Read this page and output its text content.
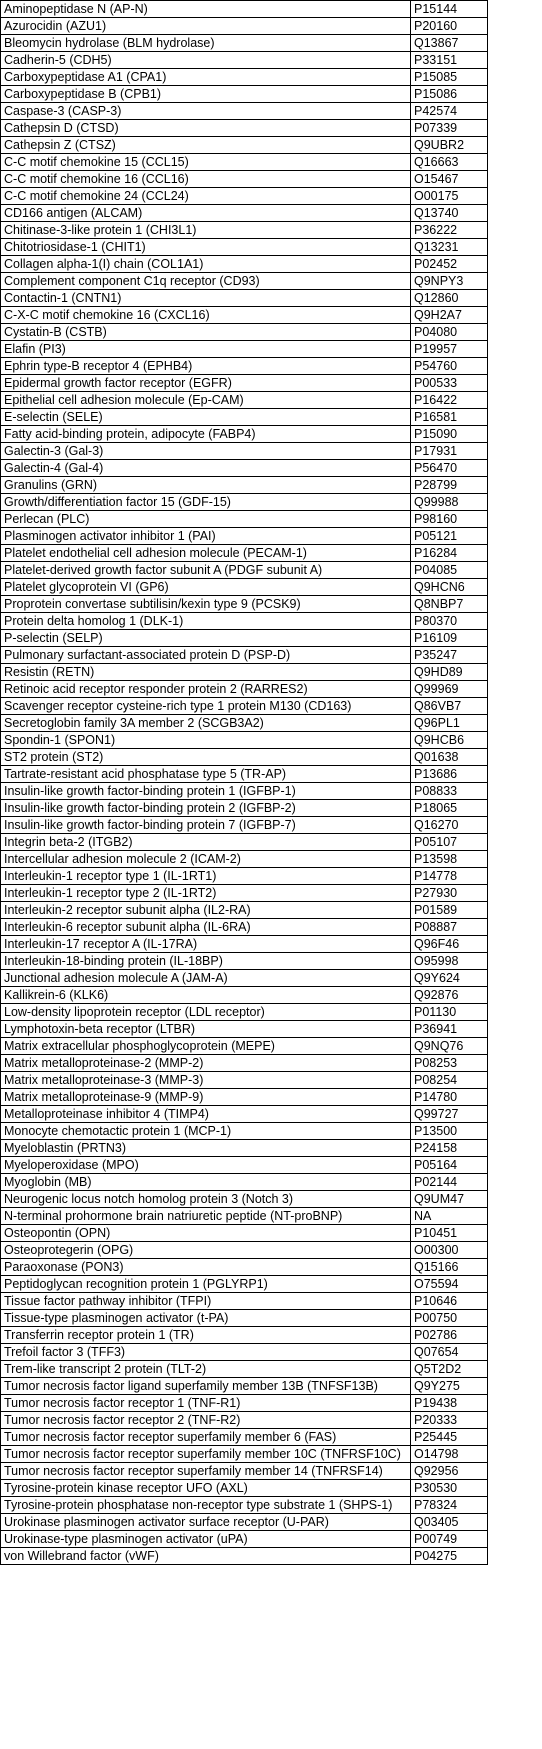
Aminopeptidase N (AP-N)	P15144
Azurocidin (AZU1)	P20160
Bleomycin hydrolase (BLM hydrolase)	Q13867
Cadherin-5 (CDH5)	P33151
Carboxypeptidase A1 (CPA1)	P15085
Carboxypeptidase B (CPB1)	P15086
Caspase-3 (CASP-3)	P42574
Cathepsin D (CTSD)	P07339
Cathepsin Z (CTSZ)	Q9UBR2
C-C motif chemokine 15 (CCL15)	Q16663
C-C motif chemokine 16 (CCL16)	O15467
C-C motif chemokine 24 (CCL24)	O00175
CD166 antigen (ALCAM)	Q13740
Chitinase-3-like protein 1 (CHI3L1)	P36222
Chitotriosidase-1 (CHIT1)	Q13231
Collagen alpha-1(I) chain (COL1A1)	P02452
Complement component C1q receptor (CD93)	Q9NPY3
Contactin-1 (CNTN1)	Q12860
C-X-C motif chemokine 16 (CXCL16)	Q9H2A7
Cystatin-B (CSTB)	P04080
Elafin (PI3)	P19957
Ephrin type-B receptor 4 (EPHB4)	P54760
Epidermal growth factor receptor (EGFR)	P00533
Epithelial cell adhesion molecule (Ep-CAM)	P16422
E-selectin (SELE)	P16581
Fatty acid-binding protein, adipocyte (FABP4)	P15090
Galectin-3 (Gal-3)	P17931
Galectin-4 (Gal-4)	P56470
Granulins (GRN)	P28799
Growth/differentiation factor 15 (GDF-15)	Q99988
Perlecan (PLC)	P98160
Plasminogen activator inhibitor 1 (PAI)	P05121
Platelet endothelial cell adhesion molecule (PECAM-1)	P16284
Platelet-derived growth factor subunit A (PDGF subunit A)	P04085
Platelet glycoprotein VI (GP6)	Q9HCN6
Proprotein convertase subtilisin/kexin type 9 (PCSK9)	Q8NBP7
Protein delta homolog 1 (DLK-1)	P80370
P-selectin (SELP)	P16109
Pulmonary surfactant-associated protein D (PSP-D)	P35247
Resistin (RETN)	Q9HD89
Retinoic acid receptor responder protein 2 (RARRES2)	Q99969
Scavenger receptor cysteine-rich type 1 protein M130 (CD163)	Q86VB7
Secretoglobin family 3A member 2 (SCGB3A2)	Q96PL1
Spondin-1 (SPON1)	Q9HCB6
ST2 protein (ST2)	Q01638
Tartrate-resistant acid phosphatase type 5 (TR-AP)	P13686
Insulin-like growth factor-binding protein 1 (IGFBP-1)	P08833
Insulin-like growth factor-binding protein 2 (IGFBP-2)	P18065
Insulin-like growth factor-binding protein 7 (IGFBP-7)	Q16270
Integrin beta-2 (ITGB2)	P05107
Intercellular adhesion molecule 2 (ICAM-2)	P13598
Interleukin-1 receptor type 1 (IL-1RT1)	P14778
Interleukin-1 receptor type 2 (IL-1RT2)	P27930
Interleukin-2 receptor subunit alpha (IL2-RA)	P01589
Interleukin-6 receptor subunit alpha (IL-6RA)	P08887
Interleukin-17 receptor A (IL-17RA)	Q96F46
Interleukin-18-binding protein (IL-18BP)	O95998
Junctional adhesion molecule A (JAM-A)	Q9Y624
Kallikrein-6 (KLK6)	Q92876
Low-density lipoprotein receptor (LDL receptor)	P01130
Lymphotoxin-beta receptor (LTBR)	P36941
Matrix extracellular phosphoglycoprotein (MEPE)	Q9NQ76
Matrix metalloproteinase-2 (MMP-2)	P08253
Matrix metalloproteinase-3 (MMP-3)	P08254
Matrix metalloproteinase-9 (MMP-9)	P14780
Metalloproteinase inhibitor 4 (TIMP4)	Q99727
Monocyte chemotactic protein 1 (MCP-1)	P13500
Myeloblastin (PRTN3)	P24158
Myeloperoxidase (MPO)	P05164
Myoglobin (MB)	P02144
Neurogenic locus notch homolog protein 3 (Notch 3)	Q9UM47
N-terminal prohormone brain natriuretic peptide (NT-proBNP)	NA
Osteopontin (OPN)	P10451
Osteoprotegerin (OPG)	O00300
Paraoxonase (PON3)	Q15166
Peptidoglycan recognition protein 1 (PGLYRP1)	O75594
Tissue factor pathway inhibitor (TFPI)	P10646
Tissue-type plasminogen activator (t-PA)	P00750
Transferrin receptor protein 1 (TR)	P02786
Trefoil factor 3 (TFF3)	Q07654
Trem-like transcript 2 protein (TLT-2)	Q5T2D2
Tumor necrosis factor ligand superfamily member 13B (TNFSF13B)	Q9Y275
Tumor necrosis factor receptor 1 (TNF-R1)	P19438
Tumor necrosis factor receptor 2 (TNF-R2)	P20333
Tumor necrosis factor receptor superfamily member 6 (FAS)	P25445
Tumor necrosis factor receptor superfamily member 10C (TNFRSF10C)	O14798
Tumor necrosis factor receptor superfamily member 14 (TNFRSF14)	Q92956
Tyrosine-protein kinase receptor UFO (AXL)	P30530
Tyrosine-protein phosphatase non-receptor type substrate 1 (SHPS-1)	P78324
Urokinase plasminogen activator surface receptor (U-PAR)	Q03405
Urokinase-type plasminogen activator (uPA)	P00749
von Willebrand factor (vWF)	P04275
